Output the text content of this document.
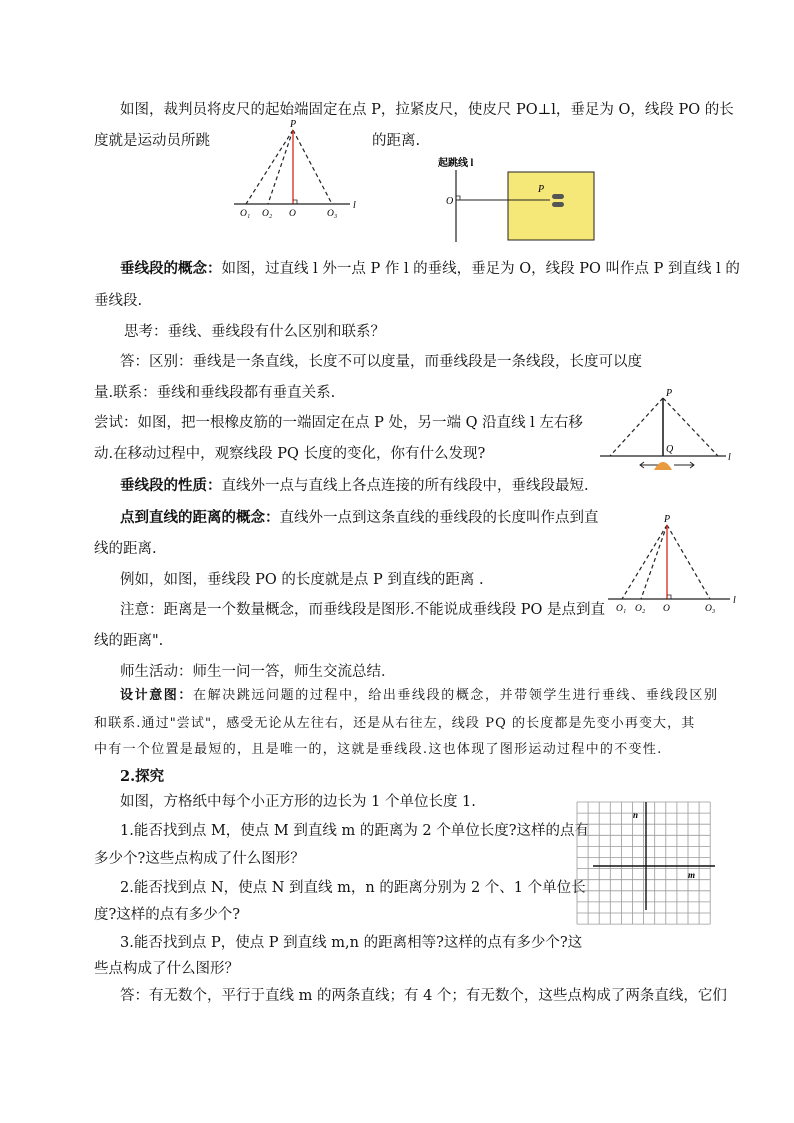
如图，裁判员将皮尺的起始端固定在点 P，拉紧皮尺，使皮尺 PO⊥l，垂足为 O，线段 PO 的长
度就是运动员所跳	的距离.
P
O₁ O₂ O	O₃
l
起跳线 l
P
O
垂线段的概念：如图，过直线 l 外一点 P 作 l 的垂线，垂足为 O，线段 PO 叫作点 P 到直线 l 的
垂线段.
思考：垂线、垂线段有什么区别和联系？
答：区别：垂线是一条直线，长度不可以度量，而垂线段是一条线段，长度可以度
量.联系：垂线和垂线段都有垂直关系.
尝试：如图，把一根橡皮筋的一端固定在点 P 处，另一端 Q 沿直线 l 左右移
动.在移动过程中，观察线段 PQ 长度的变化，你有什么发现?
P
Q
l
垂线段的性质：直线外一点与直线上各点连接的所有线段中，垂线段最短.
点到直线的距离的概念：直线外一点到这条直线的垂线段的长度叫作点到直
线的距离.
例如，如图，垂线段 PO 的长度就是点 P 到直线的距离 .
注意：距离是一个数量概念，而垂线段是图形.不能说成垂线段 PO 是点到直
线的距离".
P
O₁ O₂ O	O₃
l
师生活动：师生一问一答，师生交流总结．
设计意图：在解决跳远问题的过程中，给出垂线段的概念，并带领学生进行垂线、垂线段区别
和联系.通过"尝试"，感受无论从左往右，还是从右往左，线段 PQ 的长度都是先变小再变大，其
中有一个位置是最短的，且是唯一的，这就是垂线段.这也体现了图形运动过程中的不变性.
2.探究
如图，方格纸中每个小正方形的边长为 1 个单位长度 1.
1.能否找到点 M，使点 M 到直线 m 的距离为 2 个单位长度?这样的点有
多少个?这些点构成了什么图形？
2.能否找到点 N，使点 N 到直线 m，n 的距离分别为 2 个、1 个单位长
度?这样的点有多少个?
3.能否找到点 P，使点 P 到直线 m,n 的距离相等?这样的点有多少个?这
些点构成了什么图形？
答：有无数个，平行于直线 m 的两条直线；有 4 个；有无数个，这些点构成了两条直线，它们
n
m
